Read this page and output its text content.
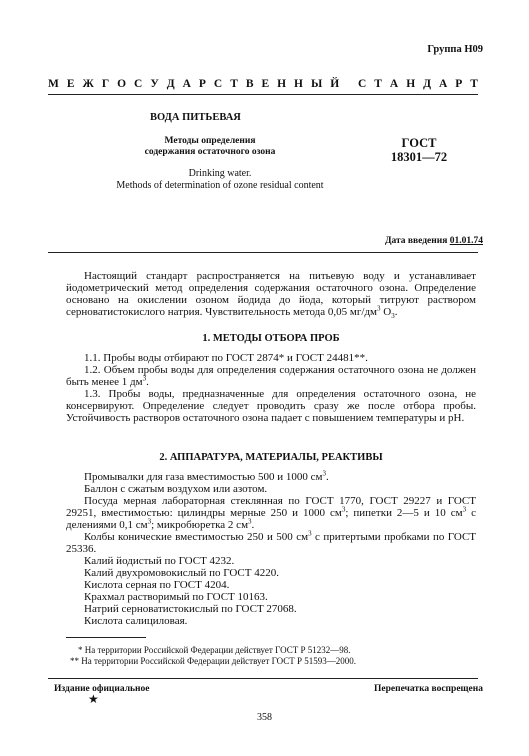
Группа Н09
М Е Ж Г О С У Д А Р С Т В Е Н Н Ы Й
С Т А Н Д А Р Т
ВОДА ПИТЬЕВАЯ
Методы определения
содержания остаточного озона
ГОСТ
18301—72
Drinking water.
Methods of determination of ozone residual content
Дата введения 01.01.74

Настоящий стандарт распространяется на питьевую воду и устанавливает йодометрический метод определения содержания остаточного озона. Определение основано на окислении озоном йодида до йода, который титруют раствором серноватистокислого натрия. Чувствительность метода 0,05 $мг/дм^3$ $O_3$.

1. МЕТОДЫ ОТБОРА ПРОБ

1.1. Пробы воды отбирают по ГОСТ 2874* и ГОСТ 24481**.

1.2. Объем пробы воды для определения содержания остаточного озона не должен быть менее 1 $дм^3$.

1.3. Пробы воды, предназначенные для определения остаточного озона, не консервируют. Определение следует проводить сразу же после отбора пробы. Устойчивость растворов остаточного озона падает с повышением температуры и pH.

2. АППАРАТУРА, МАТЕРИАЛЫ, РЕАКТИВЫ

Промывалки для газа вместимостью 500 и 1000 $см^3$.

Баллон с сжатым воздухом или азотом.

Посуда мерная лабораторная стеклянная по ГОСТ 1770, ГОСТ 29227 и ГОСТ 29251, вместимостью: цилиндры мерные 250 и 1000 $см^3$; пипетки 2—5 и 10 $см^3$ с делениями 0,1 $см^3$; микробюретка 2 $см^3$.

Колбы конические вместимостью 250 и 500 $см^3$ с притертыми пробками по ГОСТ 25336.

Калий йодистый по ГОСТ 4232.

Калий двухромовокислый по ГОСТ 4220.

Кислота серная по ГОСТ 4204.

Крахмал растворимый по ГОСТ 10163.

Натрий серноватистокислый по ГОСТ 27068.

Кислота салициловая.

* На территории Российской Федерации действует ГОСТ Р 51232—98.
** На территории Российской Федерации действует ГОСТ Р 51593—2000.
Издание официальное
★
Перепечатка воспрещена
358
